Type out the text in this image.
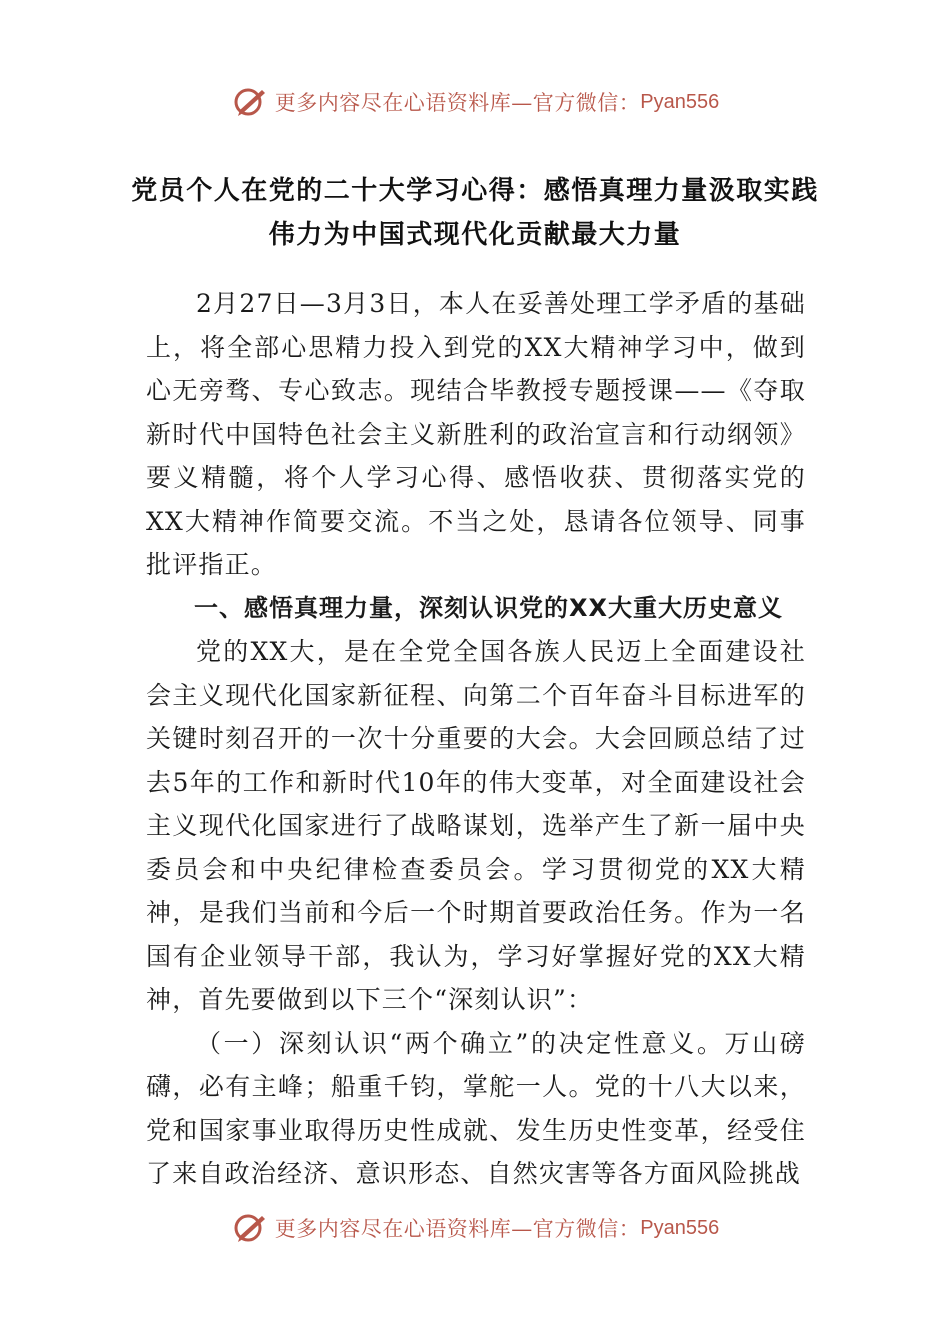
更多内容尽在心语资料库—官方微信： Pyan556
党员个人在党的二十大学习心得：感悟真理力量汲取实践
伟力为中国式现代化贡献最大力量

2月27日—3月3日，本人在妥善处理工学矛盾的基础上，将全部心思精力投入到党的XX大精神学习中，做到心无旁骛、专心致志。现结合毕教授专题授课——《夺取新时代中国特色社会主义新胜利的政治宣言和行动纲领》要义精髓，将个人学习心得、感悟收获、贯彻落实党的XX大精神作简要交流。不当之处，恳请各位领导、同事批评指正。

一、感悟真理力量，深刻认识党的XX大重大历史意义

党的XX大，是在全党全国各族人民迈上全面建设社会主义现代化国家新征程、向第二个百年奋斗目标进军的关键时刻召开的一次十分重要的大会。大会回顾总结了过去5年的工作和新时代10年的伟大变革，对全面建设社会主义现代化国家进行了战略谋划，选举产生了新一届中央委员会和中央纪律检查委员会。学习贯彻党的XX大精神，是我们当前和今后一个时期首要政治任务。作为一名国有企业领导干部，我认为，学习好掌握好党的XX大精神，首先要做到以下三个“深刻认识”：

（一）深刻认识“两个确立”的决定性意义。万山磅礴，必有主峰；船重千钧，掌舵一人。党的十八大以来，党和国家事业取得历史性成就、发生历史性变革，经受住了来自政治经济、意识形态、自然灾害等各方面风险挑战

更多内容尽在心语资料库—官方微信： Pyan556
